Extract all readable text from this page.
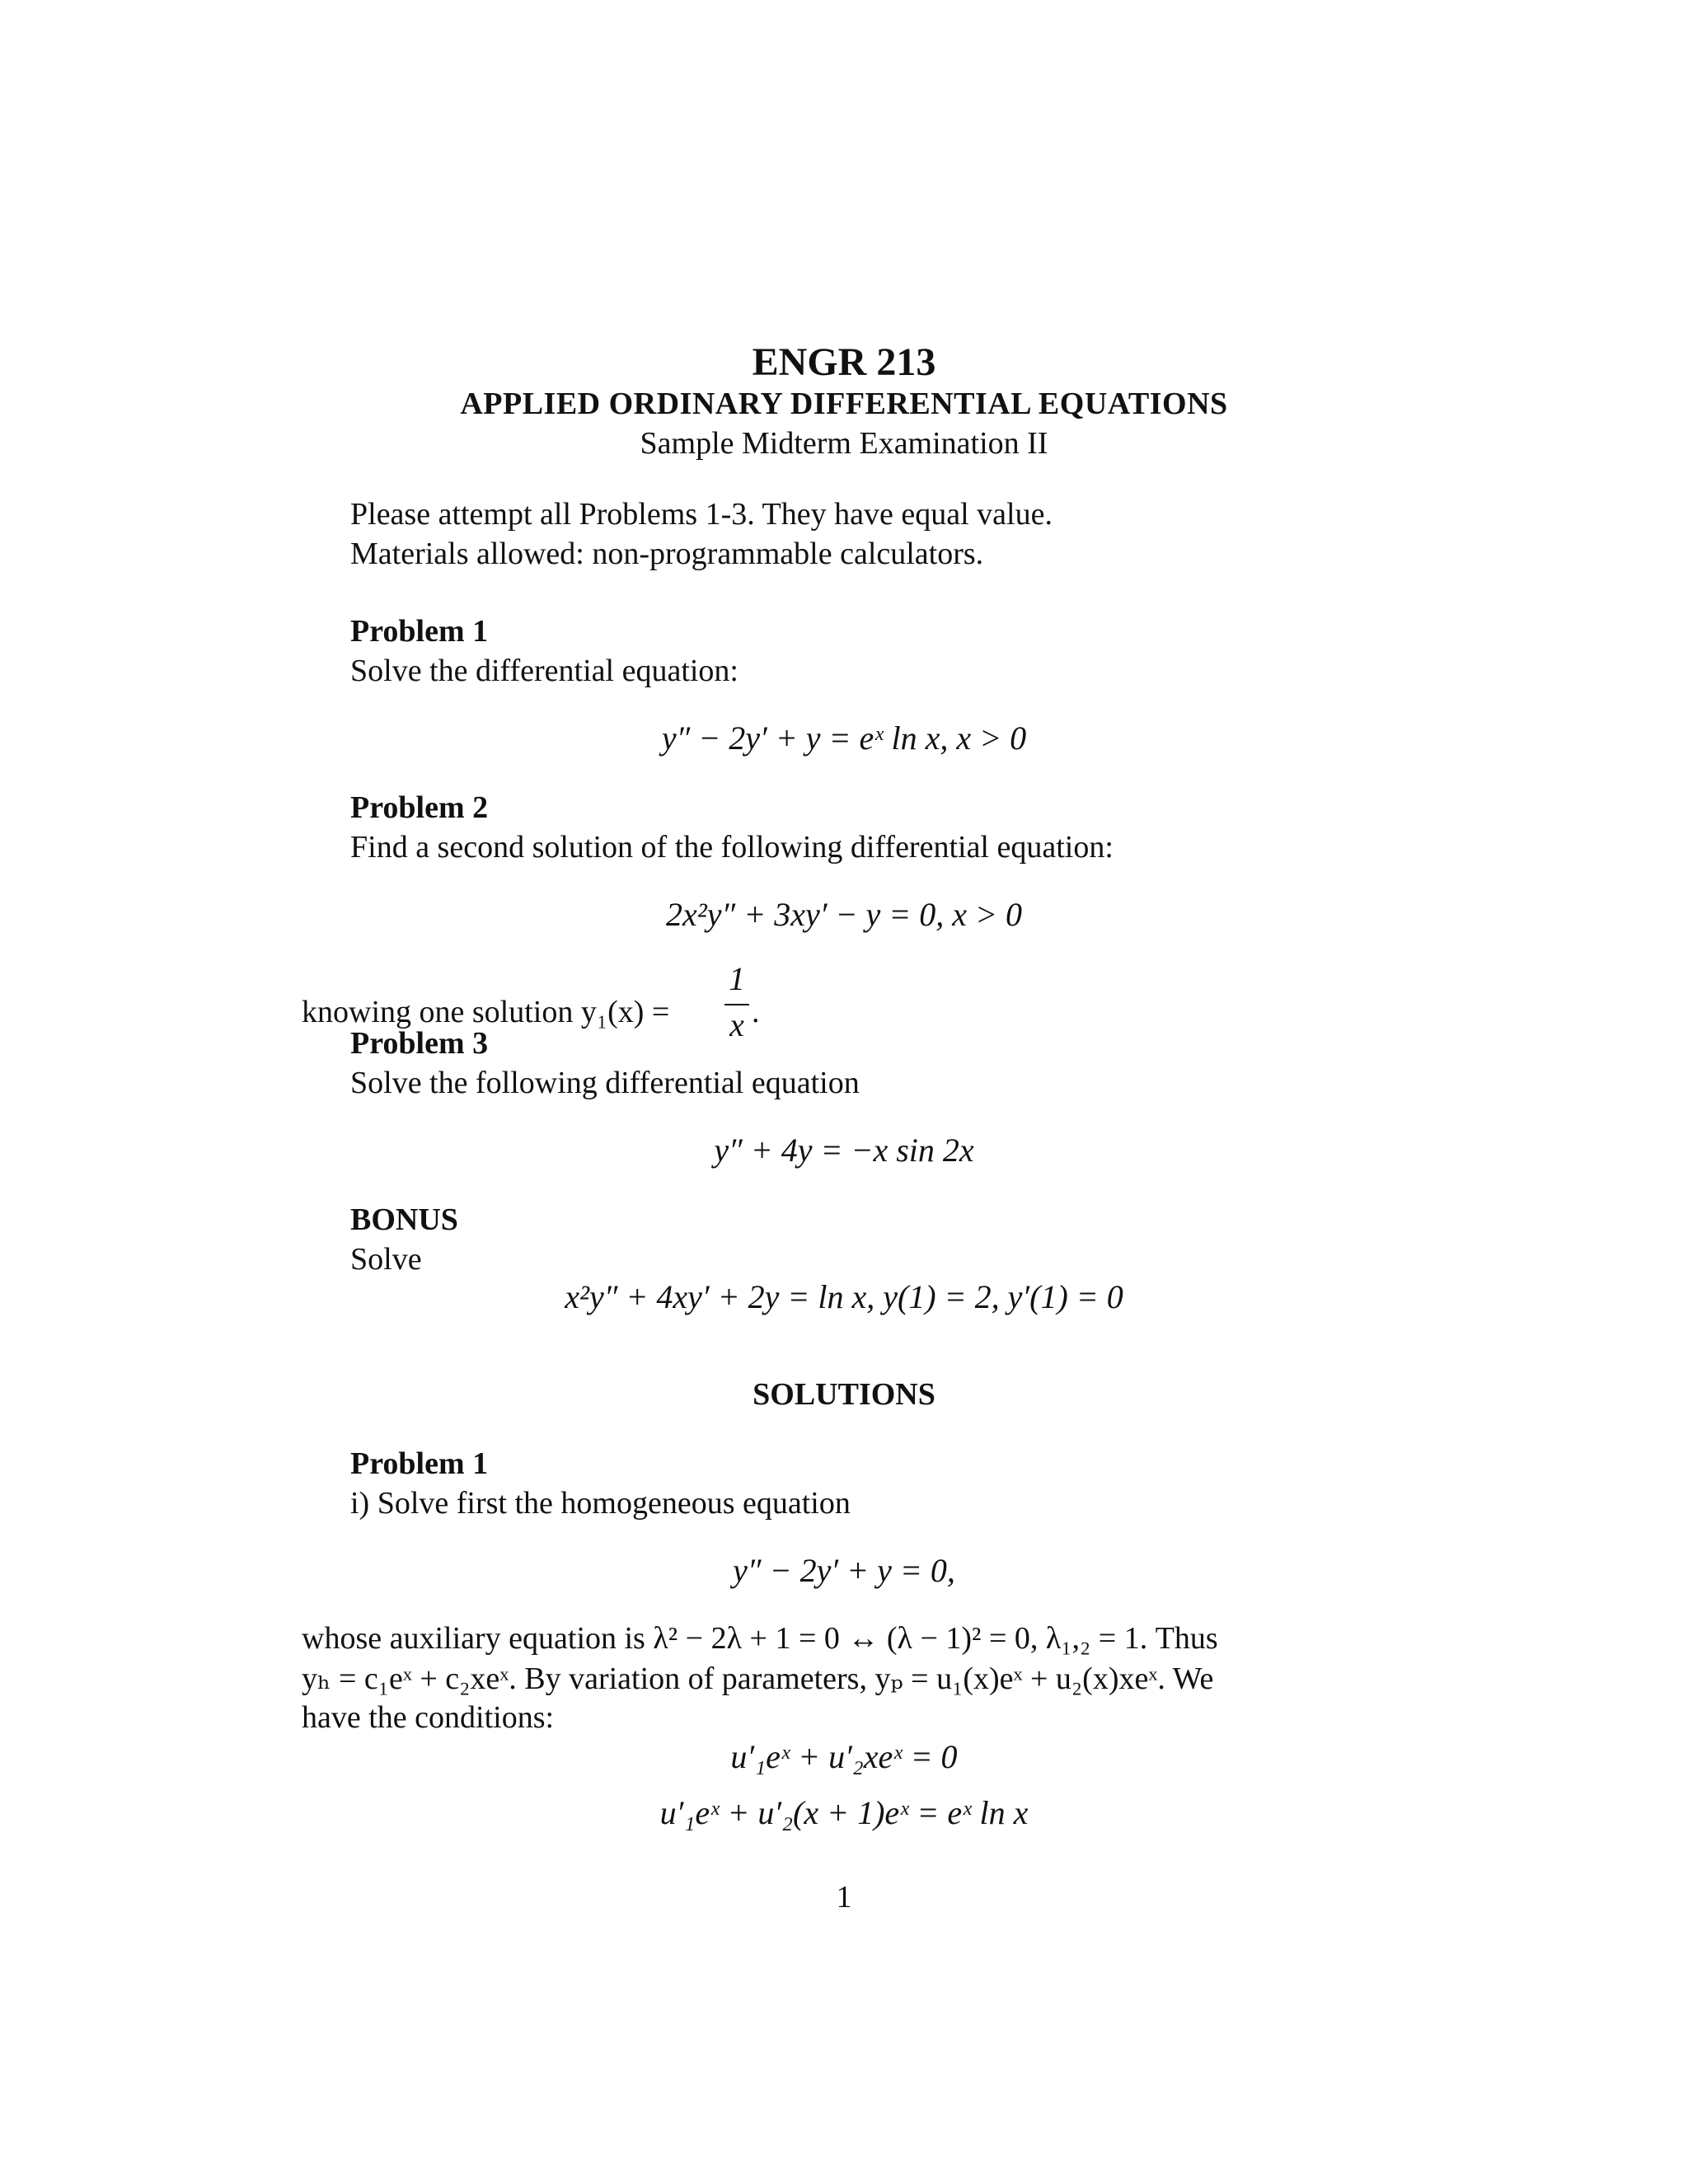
ENGR 213
APPLIED ORDINARY DIFFERENTIAL EQUATIONS
Sample Midterm Examination II
Please attempt all Problems 1-3. They have equal value.
Materials allowed: non-programmable calculators.
Problem 1
Solve the differential equation:
y″ − 2y′ + y = eˣ ln x, x > 0
Problem 2
Find a second solution of the following differential equation:
2x²y″ + 3xy′ − y = 0, x > 0
knowing one solution y₁(x) =
1
x .
Problem 3
Solve the following differential equation
y″ + 4y = −x sin 2x
BONUS
Solve
x²y″ + 4xy′ + 2y = ln x, y(1) = 2, y′(1) = 0
SOLUTIONS
Problem 1
i) Solve first the homogeneous equation
y″ − 2y′ + y = 0,
whose auxiliary equation is λ² − 2λ + 1 = 0 ↔ (λ − 1)² = 0, λ₁,₂ = 1. Thus
yₕ = c₁eˣ + c₂xeˣ. By variation of parameters, yₚ = u₁(x)eˣ + u₂(x)xeˣ. We
have the conditions:
u′₁eˣ + u′₂xeˣ = 0
u′₁eˣ + u′₂(x + 1)eˣ = eˣ ln x
1
